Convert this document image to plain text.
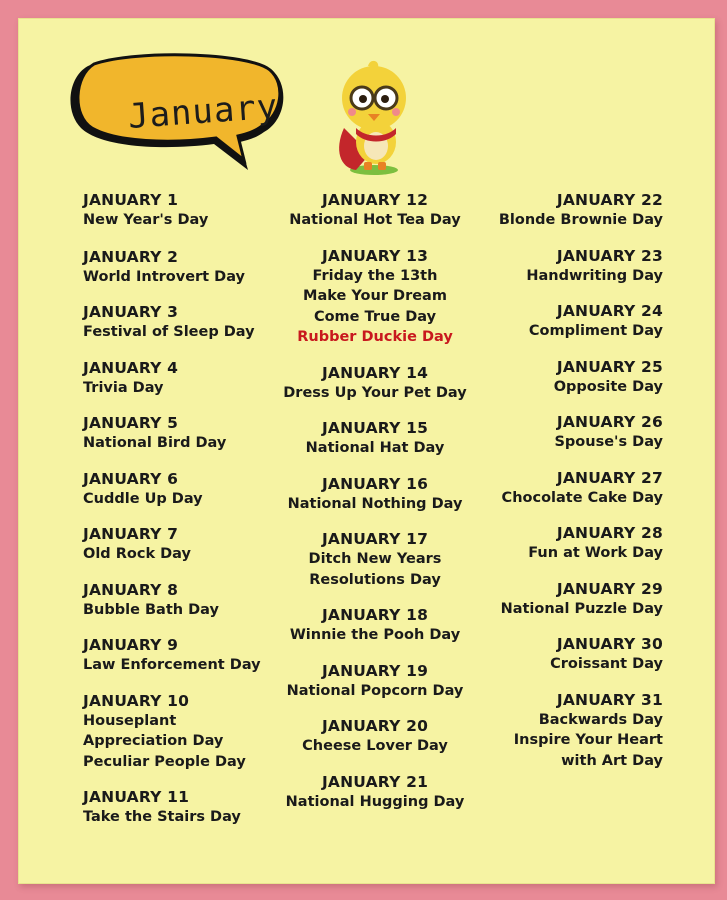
January
JANUARY 1
New Year's Day
JANUARY 2
World Introvert Day
JANUARY 3
Festival of Sleep Day
JANUARY 4
Trivia Day
JANUARY 5
National Bird Day
JANUARY 6
Cuddle Up Day
JANUARY 7
Old Rock Day
JANUARY 8
Bubble Bath Day
JANUARY 9
Law Enforcement Day
JANUARY 10
Houseplant
Appreciation Day
Peculiar People Day
JANUARY 11
Take the Stairs Day
JANUARY 12
National Hot Tea Day
JANUARY 13
Friday the 13th
Make Your Dream
Come True Day
Rubber Duckie Day
JANUARY 14
Dress Up Your Pet Day
JANUARY 15
National Hat Day
JANUARY 16
National Nothing Day
JANUARY 17
Ditch New Years
Resolutions Day
JANUARY 18
Winnie the Pooh Day
JANUARY 19
National Popcorn Day
JANUARY 20
Cheese Lover Day
JANUARY 21
National Hugging Day
JANUARY 22
Blonde Brownie Day
JANUARY 23
Handwriting Day
JANUARY 24
Compliment Day
JANUARY 25
Opposite Day
JANUARY 26
Spouse's Day
JANUARY 27
Chocolate Cake Day
JANUARY 28
Fun at Work Day
JANUARY 29
National Puzzle Day
JANUARY 30
Croissant Day
JANUARY 31
Backwards Day
Inspire Your Heart
with Art Day
